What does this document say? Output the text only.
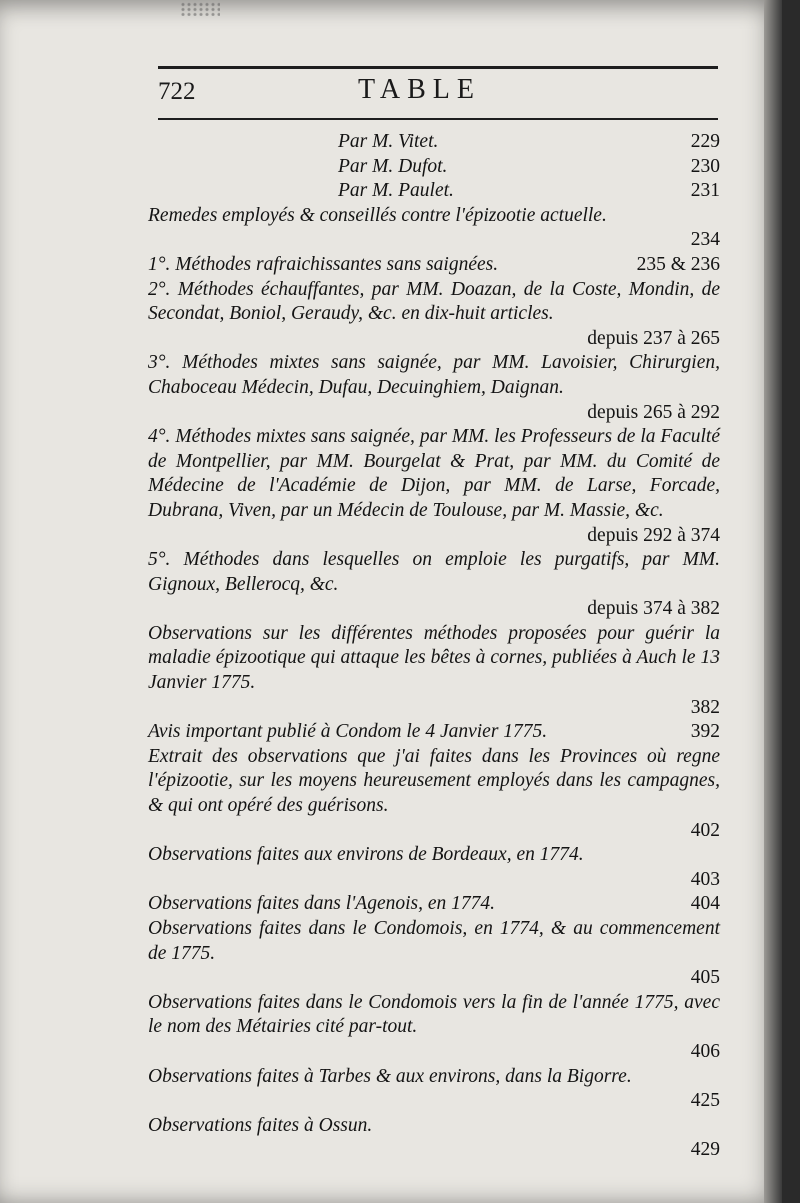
722	TABLE
Par M. Vitet.	229
Par M. Dufot.	230
Par M. Paulet.	231
Remedes employés & conseillés contre l'épizootie actuelle.
234
1°. Méthodes rafraichissantes sans saignées.	235 & 236
2°. Méthodes échauffantes, par MM. Doazan, de la Coste, Mondin, de Secondat, Boniol, Geraudy, &c. en dix-huit articles.
depuis 237 à 265
3°. Méthodes mixtes sans saignée, par MM. Lavoisier, Chirurgien, Chaboceau Médecin, Dufau, Decuinghiem, Daignan.
depuis 265 à 292
4°. Méthodes mixtes sans saignée, par MM. les Professeurs de la Faculté de Montpellier, par MM. Bourgelat & Prat, par MM. du Comité de Médecine de l'Académie de Dijon, par MM. de Larse, Forcade, Dubrana, Viven, par un Médecin de Toulouse, par M. Massie, &c.
depuis 292 à 374
5°. Méthodes dans lesquelles on emploie les purgatifs, par MM. Gignoux, Bellerocq, &c.
depuis 374 à 382
Observations sur les différentes méthodes proposées pour guérir la maladie épizootique qui attaque les bêtes à cornes, publiées à Auch le 13 Janvier 1775.
382
Avis important publié à Condom le 4 Janvier 1775.	392
Extrait des observations que j'ai faites dans les Provinces où regne l'épizootie, sur les moyens heureusement employés dans les campagnes, & qui ont opéré des guérisons.
402
Observations faites aux environs de Bordeaux, en 1774.
403
Observations faites dans l'Agenois, en 1774.	404
Observations faites dans le Condomois, en 1774, & au commencement de 1775.
405
Observations faites dans le Condomois vers la fin de l'année 1775, avec le nom des Métairies cité par-tout.
406
Observations faites à Tarbes & aux environs, dans la Bigorre.
425
Observations faites à Ossun.
429
